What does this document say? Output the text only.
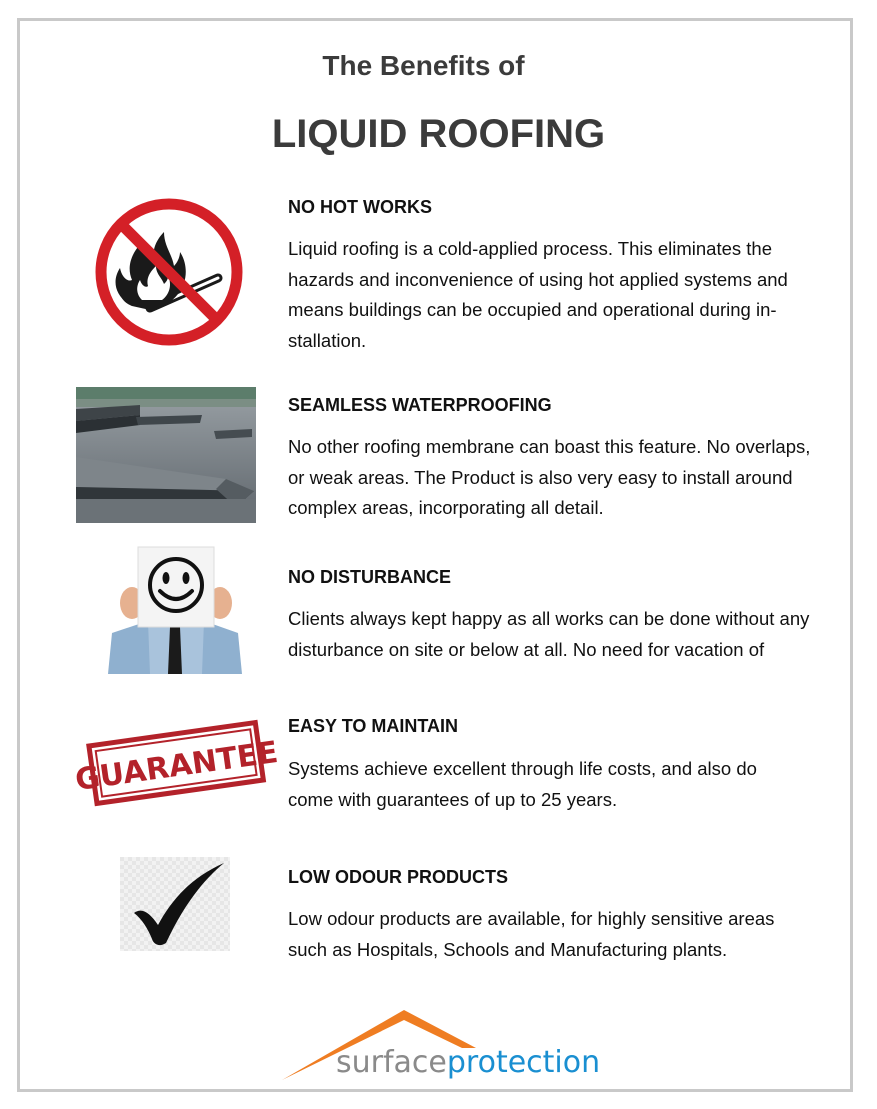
The Benefits of
LIQUID ROOFING
NO HOT WORKS
Liquid roofing is a cold-applied process. This eliminates the
hazards and inconvenience of using hot applied systems and
means buildings can be occupied and operational during in-
stallation.
SEAMLESS WATERPROOFING
No other roofing membrane can boast this feature. No overlaps,
or weak areas. The Product is also very easy to install around
complex areas, incorporating all detail.
NO DISTURBANCE
Clients always kept happy as all works can be done without any
disturbance on site or below at all. No need for vacation of
GUARANTEE
EASY TO MAINTAIN
Systems achieve excellent through life costs, and also do
come with guarantees of up to 25 years.
LOW ODOUR PRODUCTS
Low odour products are available, for highly sensitive areas
such as Hospitals, Schools and Manufacturing plants.
surfaceprotection
